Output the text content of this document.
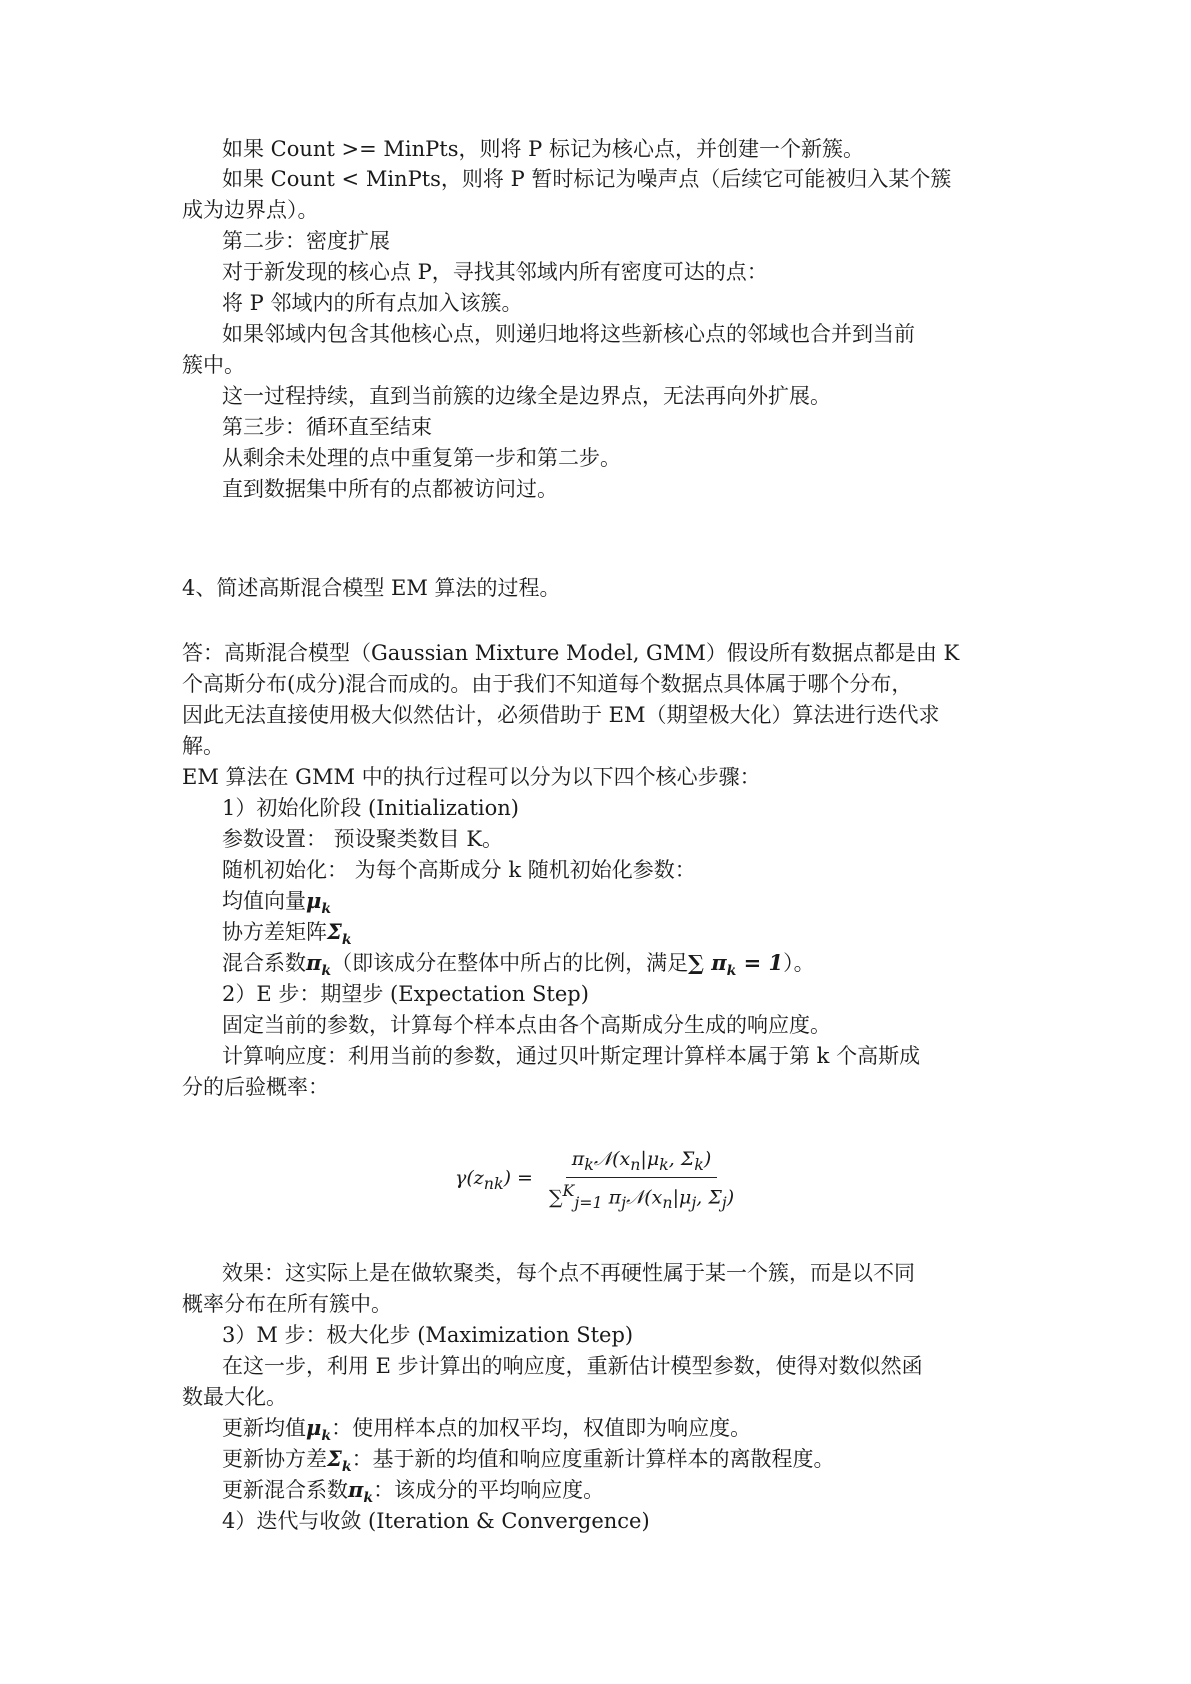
如果 Count >= MinPts，则将 P 标记为核心点，并创建一个新簇。
如果 Count < MinPts，则将 P 暂时标记为噪声点（后续它可能被归入某个簇
成为边界点）。
第二步：密度扩展
对于新发现的核心点 P，寻找其邻域内所有密度可达的点：
将 P 邻域内的所有点加入该簇。
如果邻域内包含其他核心点，则递归地将这些新核心点的邻域也合并到当前
簇中。
这一过程持续，直到当前簇的边缘全是边界点，无法再向外扩展。
第三步：循环直至结束
从剩余未处理的点中重复第一步和第二步。
直到数据集中所有的点都被访问过。
4、简述高斯混合模型 EM 算法的过程。
答：高斯混合模型（Gaussian Mixture Model, GMM）假设所有数据点都是由 K
个高斯分布(成分)混合而成的。由于我们不知道每个数据点具体属于哪个分布，
因此无法直接使用极大似然估计，必须借助于 EM（期望极大化）算法进行迭代求
解。
EM 算法在 GMM 中的执行过程可以分为以下四个核心步骤：
1）初始化阶段 (Initialization)
参数设置： 预设聚类数目 K。
随机初始化： 为每个高斯成分 k 随机初始化参数：
均值向量$\mu_k$
协方差矩阵$\Sigma_k$
混合系数$\pi_k$（即该成分在整体中所占的比例，满足∑ $\pi_k = 1$）。
2）E 步：期望步 (Expectation Step)
固定当前的参数，计算每个样本点由各个高斯成分生成的响应度。
计算响应度：利用当前的参数，通过贝叶斯定理计算样本属于第 k 个高斯成
分的后验概率：
$\gamma(z_{nk}) = \frac{\pi_k𝒩(x_n|\mu_k, \Sigma_k)}{\sum^K_{j=1} \pi_j𝒩(x_n|\mu_j, \Sigma_j)}$
效果：这实际上是在做软聚类，每个点不再硬性属于某一个簇，而是以不同
概率分布在所有簇中。
3）M 步：极大化步 (Maximization Step)
在这一步，利用 E 步计算出的响应度，重新估计模型参数，使得对数似然函
数最大化。
更新均值$\mu_k$：使用样本点的加权平均，权值即为响应度。
更新协方差$\Sigma_k$：基于新的均值和响应度重新计算样本的离散程度。
更新混合系数$\pi_k$：该成分的平均响应度。
4）迭代与收敛 (Iteration & Convergence)
